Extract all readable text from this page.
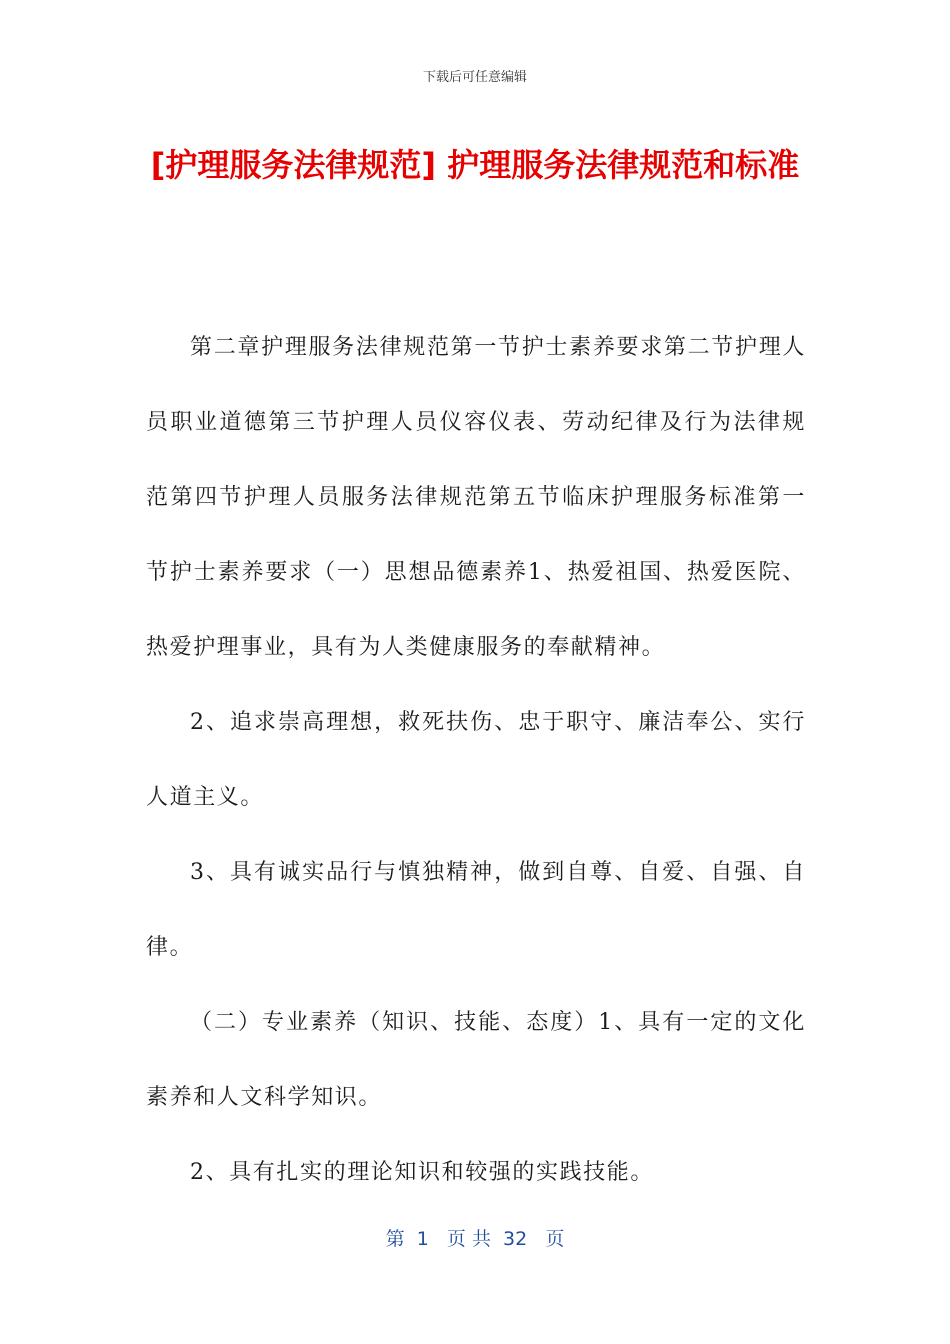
下载后可任意编辑
[护理服务法律规范] 护理服务法律规范和标准

第二章护理服务法律规范第一节护士素养要求第二节护理人员职业道德第三节护理人员仪容仪表、劳动纪律及行为法律规范第四节护理人员服务法律规范第五节临床护理服务标准第一节护士素养要求（一）思想品德素养1、热爱祖国、热爱医院、热爱护理事业，具有为人类健康服务的奉献精神。

2、追求崇高理想，救死扶伤、忠于职守、廉洁奉公、实行人道主义。

3、具有诚实品行与慎独精神，做到自尊、自爱、自强、自律。

（二）专业素养（知识、技能、态度）1、具有一定的文化素养和人文科学知识。

2、具有扎实的理论知识和较强的实践技能。

第  1   页 共  32   页
